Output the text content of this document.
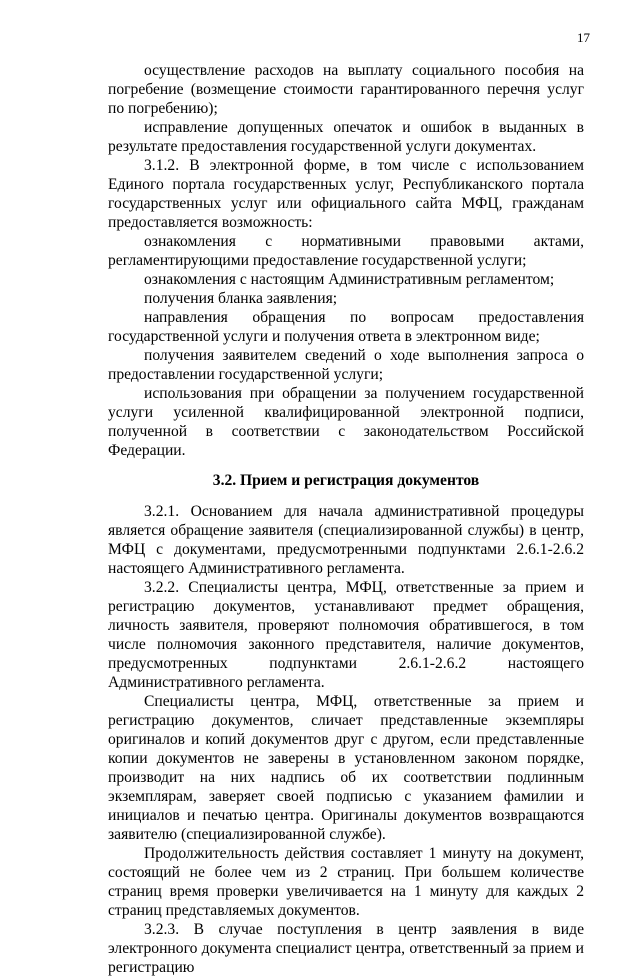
17

осуществление расходов на выплату социального пособия на погребение (возмещение стоимости гарантированного перечня услуг по погребению);

исправление допущенных опечаток и ошибок в выданных в результате предоставления государственной услуги документах.

3.1.2. В электронной форме, в том числе с использованием Единого портала государственных услуг, Республиканского портала государственных услуг или официального сайта МФЦ, гражданам предоставляется возможность:

ознакомления с нормативными правовыми актами, регламентирующими предоставление государственной услуги;

ознакомления с настоящим Административным регламентом;

получения бланка заявления;

направления обращения по вопросам предоставления государственной услуги и получения ответа в электронном виде;

получения заявителем сведений о ходе выполнения запроса о предоставлении государственной услуги;

использования при обращении за получением государственной услуги усиленной квалифицированной электронной подписи, полученной в соответствии с законодательством Российской Федерации.

3.2. Прием и регистрация документов

3.2.1. Основанием для начала административной процедуры является обращение заявителя (специализированной службы) в центр, МФЦ с документами, предусмотренными подпунктами 2.6.1-2.6.2 настоящего Административного регламента.

3.2.2. Специалисты центра, МФЦ, ответственные за прием и регистрацию документов, устанавливают предмет обращения, личность заявителя, проверяют полномочия обратившегося, в том числе полномочия законного представителя, наличие документов, предусмотренных подпунктами 2.6.1-2.6.2 настоящего Административного регламента.

Специалисты центра, МФЦ, ответственные за прием и регистрацию документов, сличает представленные экземпляры оригиналов и копий документов друг с другом, если представленные копии документов не заверены в установленном законом порядке, производит на них надпись об их соответствии подлинным экземплярам, заверяет своей подписью с указанием фамилии и инициалов и печатью центра. Оригиналы документов возвращаются заявителю (специализированной службе).

Продолжительность действия составляет 1 минуту на документ, состоящий не более чем из 2 страниц. При большем количестве страниц время проверки увеличивается на 1 минуту для каждых 2 страниц представляемых документов.

3.2.3. В случае поступления в центр заявления в виде электронного документа специалист центра, ответственный за прием и регистрацию
